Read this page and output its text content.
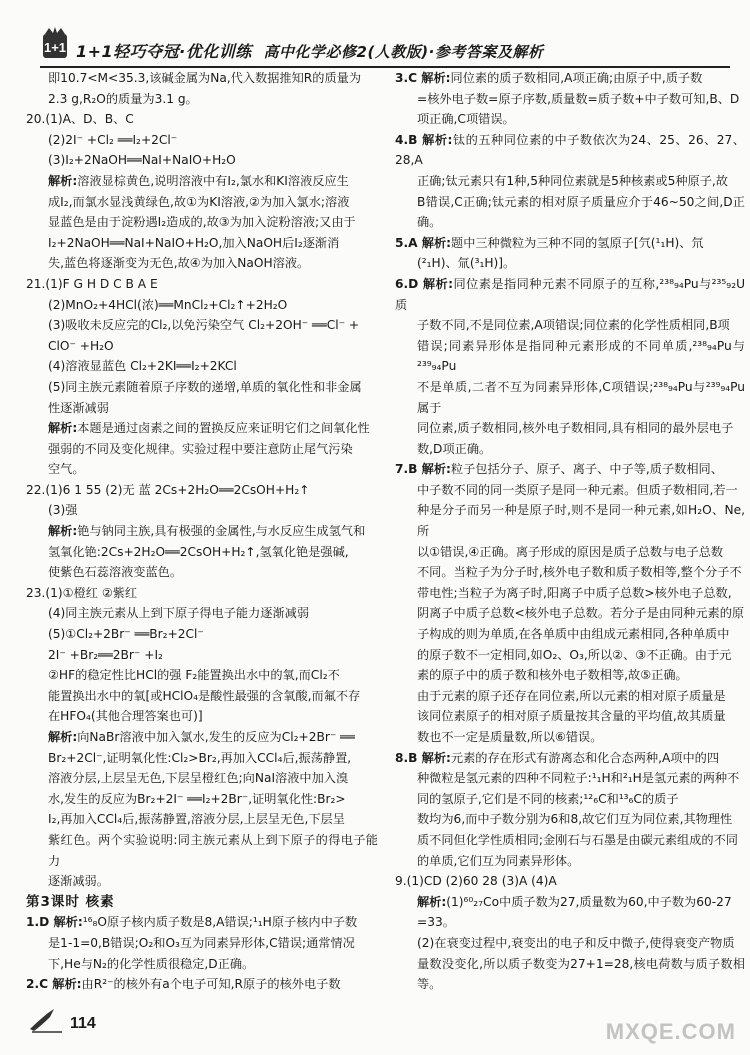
1+1 1+1轻巧夺冠·优化训练 高中化学必修2(人教版)·参考答案及解析

即10.7<M<35.3,该碱金属为Na,代入数据推知R的质量为

2.3 g,R₂O的质量为3.1 g。

20.(1)A、D、B、C

(2)2I⁻ +Cl₂ ══I₂+2Cl⁻

(3)I₂+2NaOH══NaI+NaIO+H₂O

解析:溶液显棕黄色,说明溶液中有I₂,氯水和KI溶液反应生

成I₂,而氯水显浅黄绿色,故①为KI溶液,②为加入氯水;溶液

显蓝色是由于淀粉遇I₂造成的,故③为加入淀粉溶液;又由于

I₂+2NaOH══NaI+NaIO+H₂O,加入NaOH后I₂逐渐消

失,蓝色将逐渐变为无色,故④为加入NaOH溶液。

21.(1)F G H D C B A E

(2)MnO₂+4HCl(浓)══MnCl₂+Cl₂↑+2H₂O

(3)吸收未反应完的Cl₂,以免污染空气 Cl₂+2OH⁻ ══Cl⁻ +

ClO⁻ +H₂O

(4)溶液显蓝色 Cl₂+2KI══I₂+2KCl

(5)同主族元素随着原子序数的递增,单质的氧化性和非金属

性逐渐减弱

解析:本题是通过卤素之间的置换反应来证明它们之间氧化性

强弱的不同及变化规律。实验过程中要注意防止尾气污染

空气。

22.(1)6 1 55 (2)无 蓝 2Cs+2H₂O══2CsOH+H₂↑

(3)强

解析:铯与钠同主族,具有极强的金属性,与水反应生成氢气和

氢氧化铯:2Cs+2H₂O══2CsOH+H₂↑,氢氧化铯是强碱,

使紫色石蕊溶液变蓝色。

23.(1)①橙红 ②紫红

(4)同主族元素从上到下原子得电子能力逐渐减弱

(5)①Cl₂+2Br⁻ ══Br₂+2Cl⁻

2I⁻ +Br₂══2Br⁻ +I₂

②HF的稳定性比HCl的强 F₂能置换出水中的氧,而Cl₂不

能置换出水中的氧[或HClO₄是酸性最强的含氧酸,而氟不存

在HFO₄(其他合理答案也可)]

解析:向NaBr溶液中加入氯水,发生的反应为Cl₂+2Br⁻ ══

Br₂+2Cl⁻,证明氧化性:Cl₂>Br₂,再加入CCl₄后,振荡静置,

溶液分层,上层呈无色,下层呈橙红色;向NaI溶液中加入溴

水,发生的反应为Br₂+2I⁻ ══I₂+2Br⁻,证明氧化性:Br₂>

I₂,再加入CCl₄后,振荡静置,溶液分层,上层呈无色,下层呈

紫红色。两个实验说明:同主族元素从上到下原子的得电子能力

逐渐减弱。

第3课时 核素

1.D 解析:¹⁶₈O原子核内质子数是8,A错误;¹₁H原子核内中子数

是1-1=0,B错误;O₂和O₃互为同素异形体,C错误;通常情况

下,He与N₂的化学性质很稳定,D正确。

2.C 解析:由R²⁻的核外有a个电子可知,R原子的核外电子数

3.C 解析:同位素的质子数相同,A项正确;由原子中,质子数

=核外电子数=原子序数,质量数=质子数+中子数可知,B、D

项正确,C项错误。

4.B 解析:钛的五种同位素的中子数依次为24、25、26、27、28,A

正确;钛元素只有1种,5种同位素就是5种核素或5种原子,故

B错误,C正确;钛元素的相对原子质量应介于46~50之间,D正确。

5.A 解析:题中三种微粒为三种不同的氢原子[氕(¹₁H)、氘

(²₁H)、氚(³₁H)]。

6.D 解析:同位素是指同种元素不同原子的互称,²³⁸₉₄Pu与²³⁵₉₂U质

子数不同,不是同位素,A项错误;同位素的化学性质相同,B项

错误;同素异形体是指同种元素形成的不同单质,²³⁸₉₄Pu与²³⁹₉₄Pu

不是单质,二者不互为同素异形体,C项错误;²³⁸₉₄Pu与²³⁹₉₄Pu属于

同位素,质子数相同,核外电子数相同,具有相同的最外层电子

数,D项正确。

7.B 解析:粒子包括分子、原子、离子、中子等,质子数相同、

中子数不同的同一类原子是同一种元素。但质子数相同,若一

种是分子而另一种是原子时,则不是同一种元素,如H₂O、Ne,所

以①错误,④正确。离子形成的原因是质子总数与电子总数

不同。当粒子为分子时,核外电子数和质子数相等,整个分子不

带电性;当粒子为离子时,阳离子中质子总数>核外电子总数,

阴离子中质子总数<核外电子总数。若分子是由同种元素的原

子构成的则为单质,在各单质中由组成元素相同,各种单质中

的原子数不一定相同,如O₂、O₃,所以②、③不正确。由于元

素的原子中的质子数和核外电子数相等,故⑤正确。

由于元素的原子还存在同位素,所以元素的相对原子质量是

该同位素原子的相对原子质量按其含量的平均值,故其质量

数也不一定是质量数,所以⑥错误。

8.B 解析:元素的存在形式有游离态和化合态两种,A项中的四

种微粒是氢元素的四种不同粒子:¹₁H和²₁H是氢元素的两种不

同的氢原子,它们是不同的核素;¹²₆C和¹³₆C的质子

数均为6,而中子数分别为6和8,故它们互为同位素,其物理性

质不同但化学性质相同;金刚石与石墨是由碳元素组成的不同

的单质,它们互为同素异形体。

9.(1)CD (2)60 28 (3)A (4)A

解析:(1)⁶⁰₂₇Co中质子数为27,质量数为60,中子数为60-27

=33。

(2)在衰变过程中,衰变出的电子和反中微子,使得衰变产物质

量数没变化,所以质子数变为27+1=28,核电荷数与质子数相等。

114	MXQE.COM
